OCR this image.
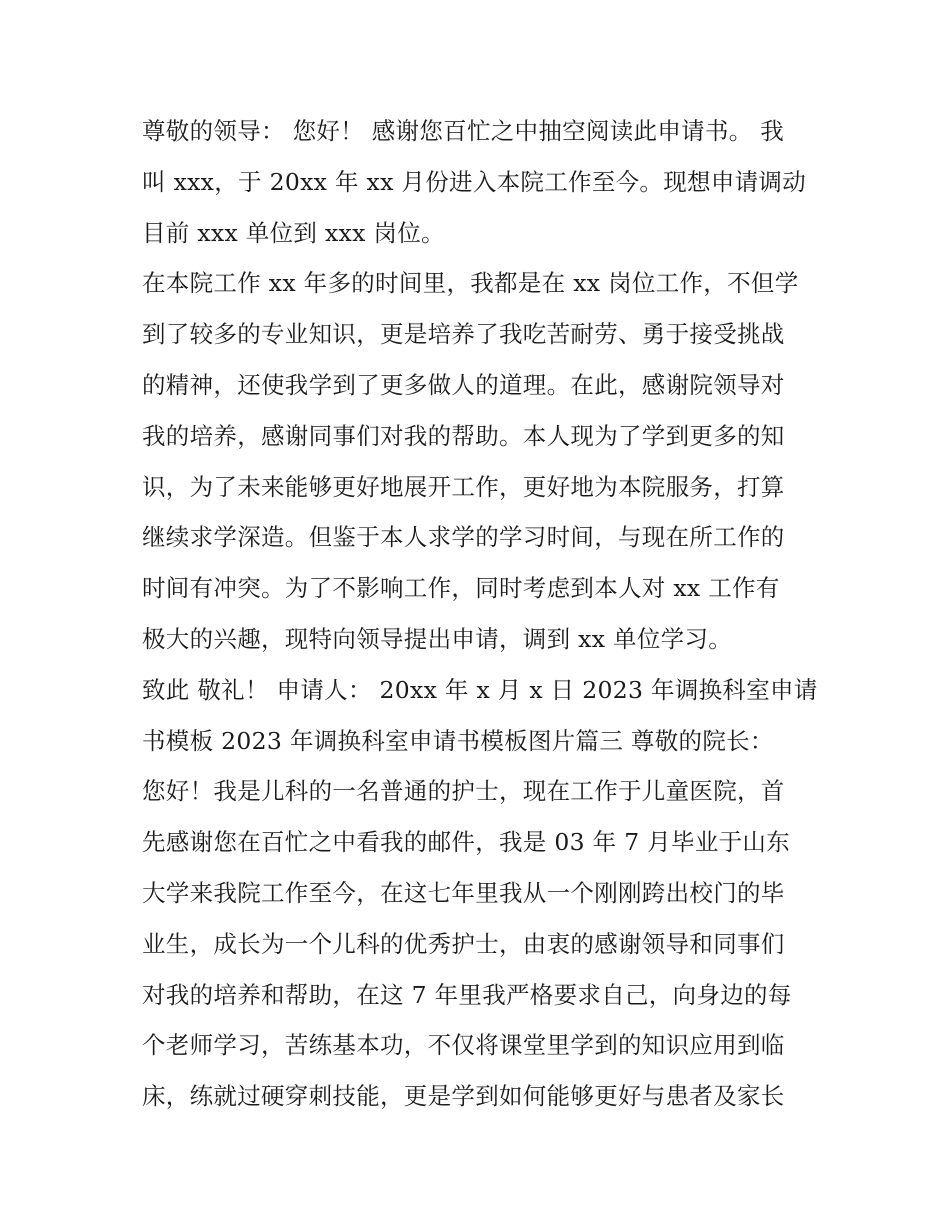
尊敬的领导： 您好！ 感谢您百忙之中抽空阅读此申请书。 我
叫 xxx，于 20xx 年 xx 月份进入本院工作至今。现想申请调动
目前 xxx 单位到 xxx 岗位。
在本院工作 xx 年多的时间里，我都是在 xx 岗位工作，不但学
到了较多的专业知识，更是培养了我吃苦耐劳、勇于接受挑战
的精神，还使我学到了更多做人的道理。在此，感谢院领导对
我的培养，感谢同事们对我的帮助。本人现为了学到更多的知
识，为了未来能够更好地展开工作，更好地为本院服务，打算
继续求学深造。但鉴于本人求学的学习时间，与现在所工作的
时间有冲突。为了不影响工作，同时考虑到本人对 xx 工作有
极大的兴趣，现特向领导提出申请，调到 xx 单位学习。
致此 敬礼！ 申请人： 20xx 年 x 月 x 日 2023 年调换科室申请
书模板 2023 年调换科室申请书模板图片篇三 尊敬的院长：
您好！我是儿科的一名普通的护士，现在工作于儿童医院，首
先感谢您在百忙之中看我的邮件，我是 03 年 7 月毕业于山东
大学来我院工作至今，在这七年里我从一个刚刚跨出校门的毕
业生，成长为一个儿科的优秀护士，由衷的感谢领导和同事们
对我的培养和帮助，在这 7 年里我严格要求自己，向身边的每
个老师学习，苦练基本功，不仅将课堂里学到的知识应用到临
床，练就过硬穿刺技能，更是学到如何能够更好与患者及家长
